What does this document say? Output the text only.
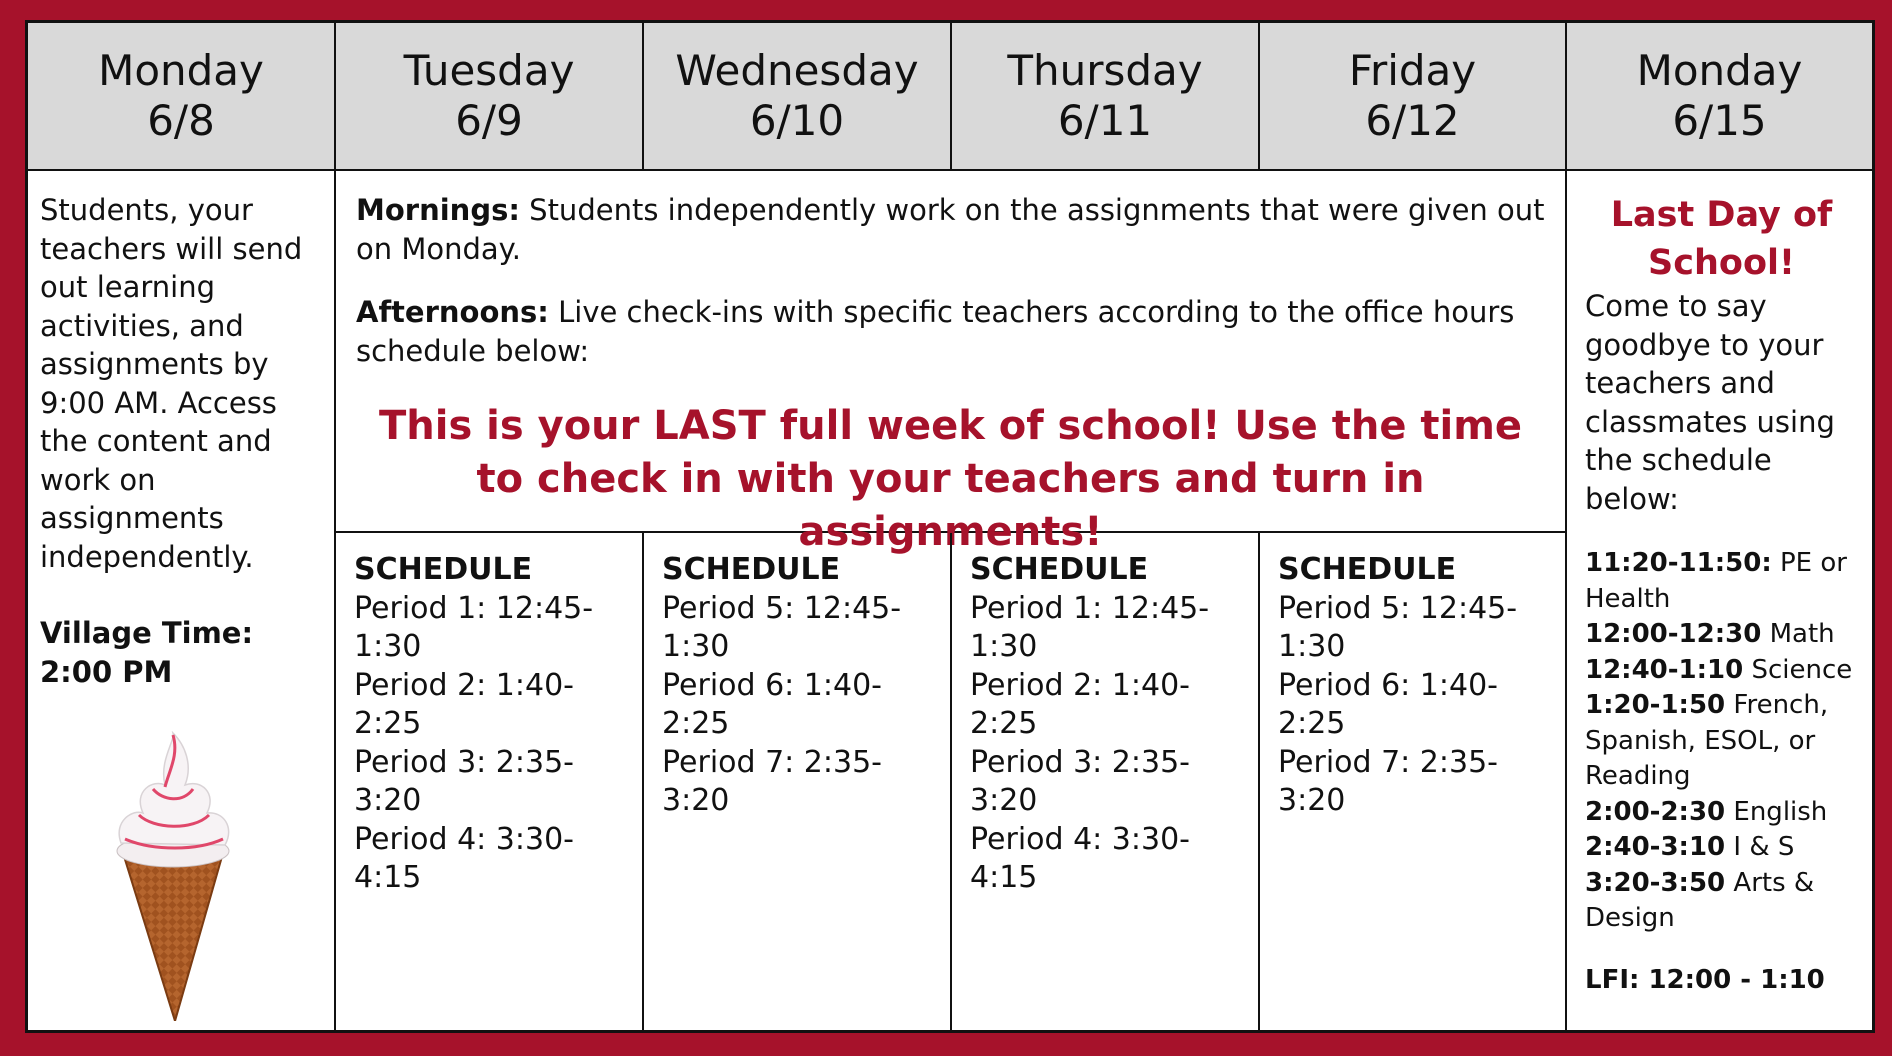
Monday
6/8
Tuesday
6/9
Wednesday
6/10
Thursday
6/11
Friday
6/12
Monday
6/15

Students, your teachers will send out learning activities, and assignments by 9:00 AM. Access the content and work on assignments independently.

Village Time:

2:00 PM

Mornings: Students independently work on the assignments that were given out on Monday.

Afternoons: Live check-ins with specific teachers according to the office hours schedule below:

This is your LAST full week of school! Use the time to check in with your teachers and turn in assignments!
SCHEDULE
Period 1: 12:45-1:30
Period 2: 1:40-2:25
Period 3: 2:35-3:20
Period 4: 3:30-4:15
SCHEDULE
Period 5: 12:45-1:30
Period 6: 1:40-2:25
Period 7: 2:35-3:20
SCHEDULE
Period 1: 12:45-1:30
Period 2: 1:40-2:25
Period 3: 2:35-3:20
Period 4: 3:30-4:15
SCHEDULE
Period 5: 12:45-1:30
Period 6: 1:40-2:25
Period 7: 2:35-3:20
Last Day of
School!
Come to say goodbye to your teachers and classmates using the schedule below:
11:20-11:50: PE or Health
12:00-12:30 Math
12:40-1:10 Science
1:20-1:50 French, Spanish, ESOL, or Reading
2:00-2:30 English
2:40-3:10 I & S
3:20-3:50 Arts & Design
LFI: 12:00 - 1:10
